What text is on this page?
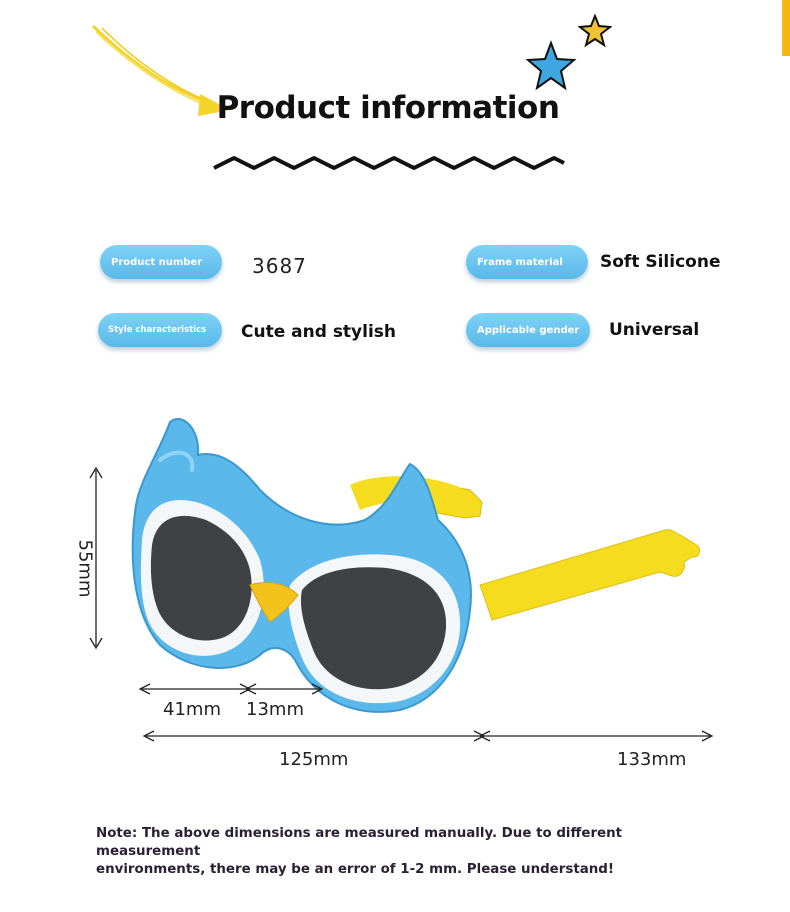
Product information
Product number	3687	Frame material	Soft Silicone
Style characteristics	Cute and stylish	Applicable gender	Universal
55mm
41mm 13mm
125mm	133mm
Note: The above dimensions are measured manually. Due to different measurement
environments, there may be an error of 1-2 mm. Please understand!
